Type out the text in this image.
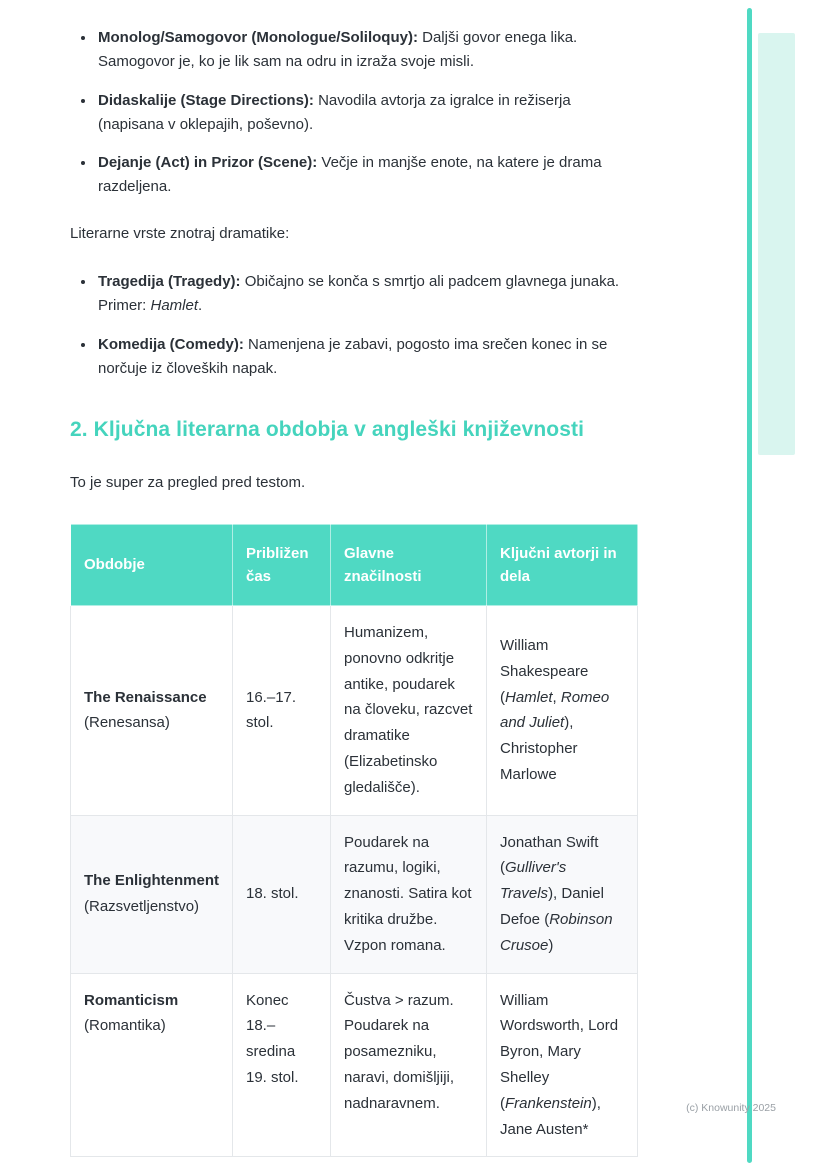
• Monolog/Samogovor (Monologue/Soliloquy): Daljši govor enega lika. Samogovor je, ko je lik sam na odru in izraža svoje misli.
• Didaskalije (Stage Directions): Navodila avtorja za igralce in režiserja (napisana v oklepajih, poševno).
• Dejanje (Act) in Prizor (Scene): Večje in manjše enote, na katere je drama razdeljena.

Literarne vrste znotraj dramatike:

• Tragedija (Tragedy): Običajno se konča s smrtjo ali padcem glavnega junaka. Primer: Hamlet.
• Komedija (Comedy): Namenjena je zabavi, pogosto ima srečen konec in se norčuje iz človeških napak.
2. Ključna literarna obdobja v angleški književnosti

To je super za pregled pred testom.

Obdobje	Približen čas	Glavne značilnosti	Ključni avtorji in dela
The Renaissance (Renesansa)	16.–17. stol.	Humanizem, ponovno odkritje antike, poudarek na človeku, razcvet dramatike (Elizabetinsko gledališče).	William Shakespeare (Hamlet, Romeo and Juliet), Christopher Marlowe
The Enlightenment (Razsvetljenstvo)	18. stol.	Poudarek na razumu, logiki, znanosti. Satira kot kritika družbe. Vzpon romana.	Jonathan Swift (Gulliver's Travels), Daniel Defoe (Robinson Crusoe)
Romanticism (Romantika)	Konec 18.– sredina 19. stol.	Čustva > razum. Poudarek na posamezniku, naravi, domišljiji, nadnaravnem.	William Wordsworth, Lord Byron, Mary Shelley (Frankenstein), Jane Austen*
(c) Knowunity 2025
